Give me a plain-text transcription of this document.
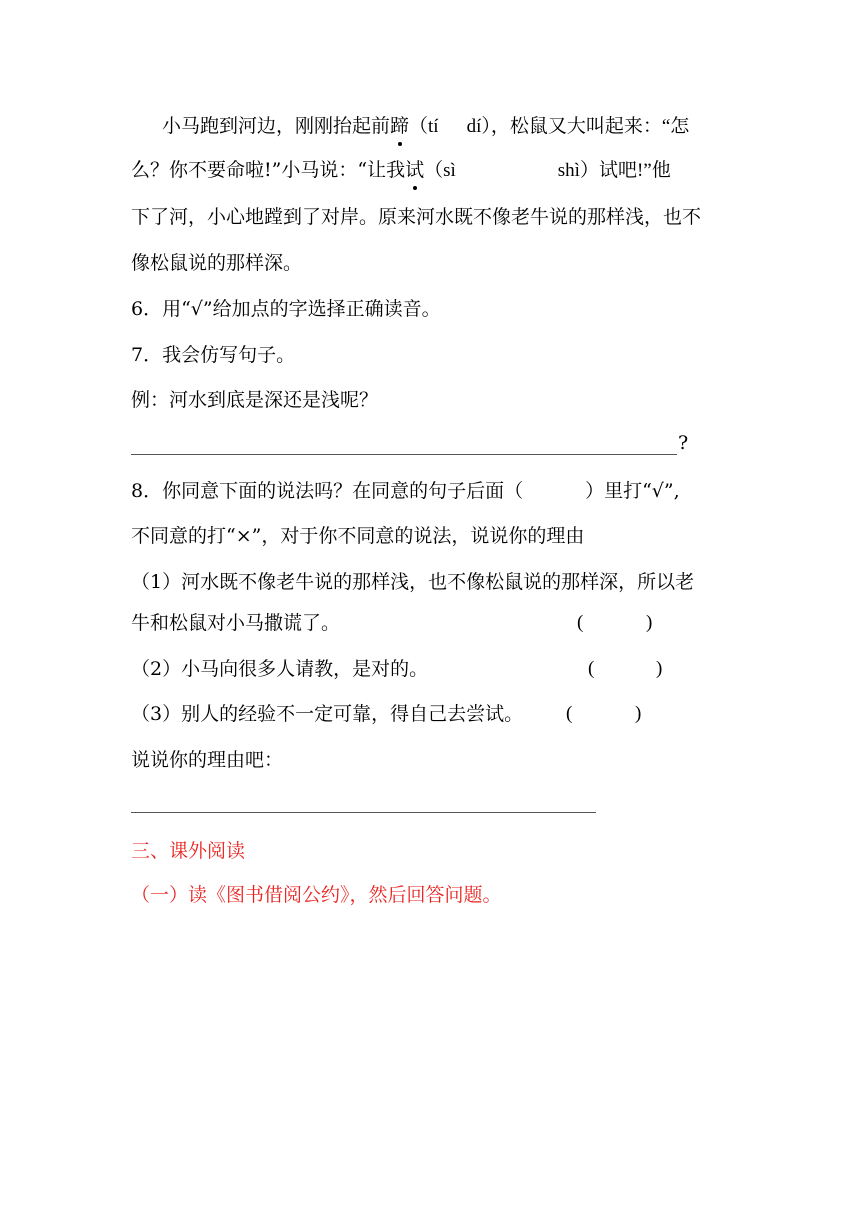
小马跑到河边，刚刚抬起前蹄（tí dí），松鼠又大叫起来：“怎
么？你不要命啦!”小马说：“让我试（sì	shì）试吧!”他
下了河，小心地蹚到了对岸。原来河水既不像老牛说的那样浅，也不
像松鼠说的那样深。
6．用“√”给加点的字选择正确读音。
7．我会仿写句子。
例：河水到底是深还是浅呢？
?
8．你同意下面的说法吗？在同意的句子后面（	）里打“√”,
不同意的打“×”，对于你不同意的说法，说说你的理由
（1）河水既不像老牛说的那样浅，也不像松鼠说的那样深，所以老
牛和松鼠对小马撒谎了。	(	)
（2）小马向很多人请教，是对的。	(	)
（3）别人的经验不一定可靠，得自己去尝试。 (	)
说说你的理由吧：
三、课外阅读
（一）读《图书借阅公约》，然后回答问题。
